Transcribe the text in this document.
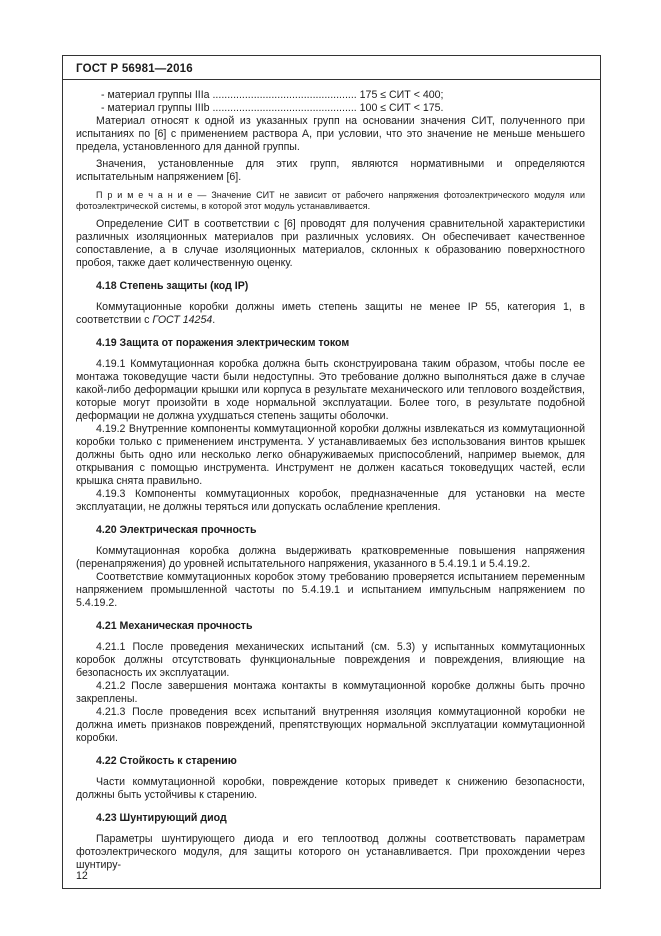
ГОСТ Р 56981—2016
- материал группы IIIa ................................................. 175 ≤ СИТ < 400;
- материал группы IIIb ................................................. 100 ≤ СИТ < 175.
Материал относят к одной из указанных групп на основании значения СИТ, полученного при испытаниях по [6] с применением раствора А, при условии, что это значение не меньше меньшего предела, установленного для данной группы.
Значения, установленные для этих групп, являются нормативными и определяются испытательным напряжением [6].
П р и м е ч а н и е — Значение СИТ не зависит от рабочего напряжения фотоэлектрического модуля или фотоэлектрической системы, в которой этот модуль устанавливается.
Определение СИТ в соответствии с [6] проводят для получения сравнительной характеристики различных изоляционных материалов при различных условиях. Он обеспечивает качественное сопоставление, а в случае изоляционных материалов, склонных к образованию поверхностного пробоя, также дает количественную оценку.
4.18 Степень защиты (код IP)
Коммутационные коробки должны иметь степень защиты не менее IP 55, категория 1, в соответствии с ГОСТ 14254.
4.19 Защита от поражения электрическим током
4.19.1 Коммутационная коробка должна быть сконструирована таким образом, чтобы после ее монтажа токоведущие части были недоступны. Это требование должно выполняться даже в случае какой-либо деформации крышки или корпуса в результате механического или теплового воздействия, которые могут произойти в ходе нормальной эксплуатации. Более того, в результате подобной деформации не должна ухудшаться степень защиты оболочки.
4.19.2 Внутренние компоненты коммутационной коробки должны извлекаться из коммутационной коробки только с применением инструмента. У устанавливаемых без использования винтов крышек должны быть одно или несколько легко обнаруживаемых приспособлений, например выемок, для открывания с помощью инструмента. Инструмент не должен касаться токоведущих частей, если крышка снята правильно.
4.19.3 Компоненты коммутационных коробок, предназначенные для установки на месте эксплуатации, не должны теряться или допускать ослабление крепления.
4.20 Электрическая прочность
Коммутационная коробка должна выдерживать кратковременные повышения напряжения (перенапряжения) до уровней испытательного напряжения, указанного в 5.4.19.1 и 5.4.19.2.
Соответствие коммутационных коробок этому требованию проверяется испытанием переменным напряжением промышленной частоты по 5.4.19.1 и испытанием импульсным напряжением по 5.4.19.2.
4.21 Механическая прочность
4.21.1 После проведения механических испытаний (см. 5.3) у испытанных коммутационных коробок должны отсутствовать функциональные повреждения и повреждения, влияющие на безопасность их эксплуатации.
4.21.2 После завершения монтажа контакты в коммутационной коробке должны быть прочно закреплены.
4.21.3 После проведения всех испытаний внутренняя изоляция коммутационной коробки не должна иметь признаков повреждений, препятствующих нормальной эксплуатации коммутационной коробки.
4.22 Стойкость к старению
Части коммутационной коробки, повреждение которых приведет к снижению безопасности, должны быть устойчивы к старению.
4.23 Шунтирующий диод
Параметры шунтирующего диода и его теплоотвод должны соответствовать параметрам фотоэлектрического модуля, для защиты которого он устанавливается. При прохождении через шунтиру-
12
